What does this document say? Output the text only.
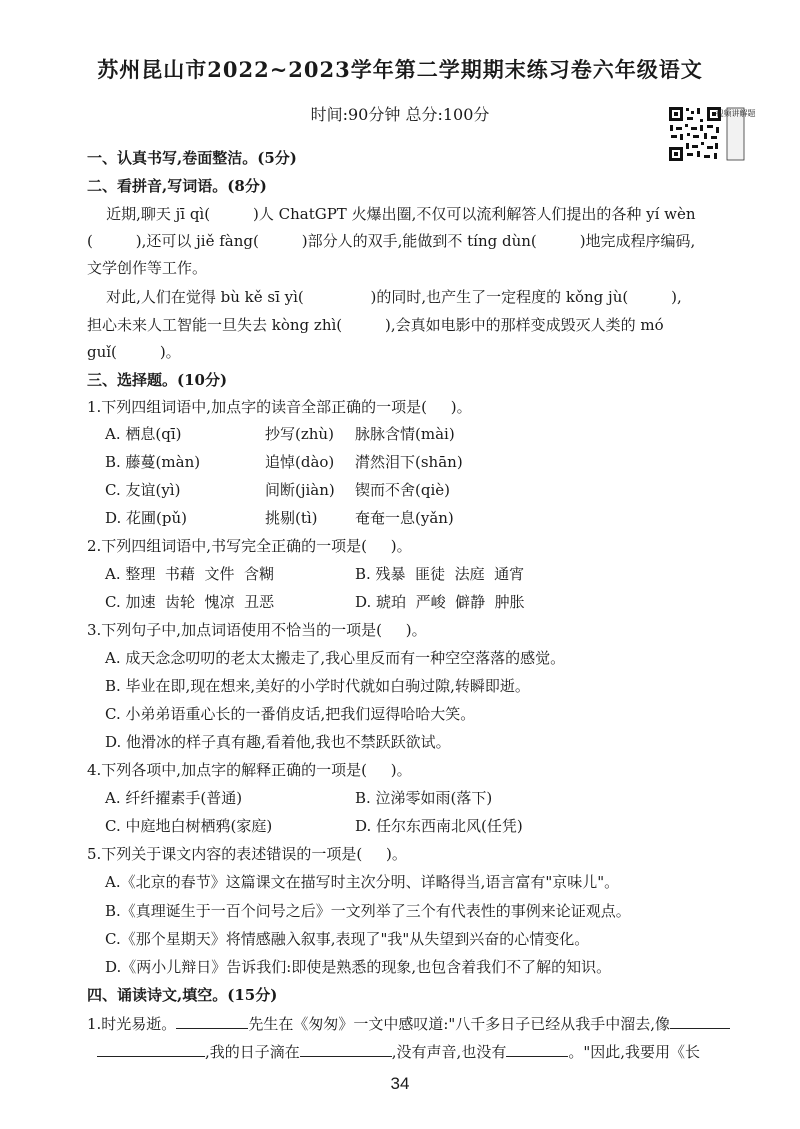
苏州昆山市2022~2023学年第二学期期末练习卷六年级语文
时间:90分钟 总分:100分	视频讲解题
一、认真书写,卷面整洁。(5分)
二、看拼音,写词语。(8分)
近期,聊天 jī qì(         )人 ChatGPT 火爆出圈,不仅可以流利解答人们提出的各种 yí wèn
(         ),还可以 jiě fàng(         )部分人的双手,能做到不 tíng dùn(         )地完成程序编码,
文学创作等工作。
对此,人们在觉得 bù kě sī yì(              )的同时,也产生了一定程度的 kǒng jù(         ),
担心未来人工智能一旦失去 kòng zhì(         ),会真如电影中的那样变成毁灭人类的 mó
guǐ(         )。
三、选择题。(10分)
1.下列四组词语中,加点字的读音全部正确的一项是(     )。
A. 栖息(qī)	抄写(zhù) 脉脉含情(mài)
B. 藤蔓(màn)	追悼(dào) 潸然泪下(shān)
C. 友谊(yì)	间断(jiàn) 锲而不舍(qiè)
D. 花圃(pǔ)	挑剔(tì) 奄奄一息(yǎn)
2.下列四组词语中,书写完全正确的一项是(     )。
A. 整理  书藉  文件  含糊	B. 残暴  匪徒  法庭  通宵
C. 加速  齿轮  愧凉  丑恶	D. 琥珀  严峻  僻静  肿胀
3.下列句子中,加点词语使用不恰当的一项是(     )。
A. 成天念念叨叨的老太太搬走了,我心里反而有一种空空落落的感觉。
B. 毕业在即,现在想来,美好的小学时代就如白驹过隙,转瞬即逝。
C. 小弟弟语重心长的一番俏皮话,把我们逗得哈哈大笑。
D. 他滑冰的样子真有趣,看着他,我也不禁跃跃欲试。
4.下列各项中,加点字的解释正确的一项是(     )。
A. 纤纤擢素手(普通)	B. 泣涕零如雨(落下)
C. 中庭地白树栖鸦(家庭)	D. 任尔东西南北风(任凭)
5.下列关于课文内容的表述错误的一项是(     )。
A.《北京的春节》这篇课文在描写时主次分明、详略得当,语言富有"京味儿"。
B.《真理诞生于一百个问号之后》一文列举了三个有代表性的事例来论证观点。
C.《那个星期天》将情感融入叙事,表现了"我"从失望到兴奋的心情变化。
D.《两小儿辩日》告诉我们:即使是熟悉的现象,也包含着我们不了解的知识。
四、诵读诗文,填空。(15分)
1.时光易逝。	先生在《匆匆》一文中感叹道:"八千多日子已经从我手中溜去,像
,我的日子滴在	,没有声音,也没有	。"因此,我要用《长
34
